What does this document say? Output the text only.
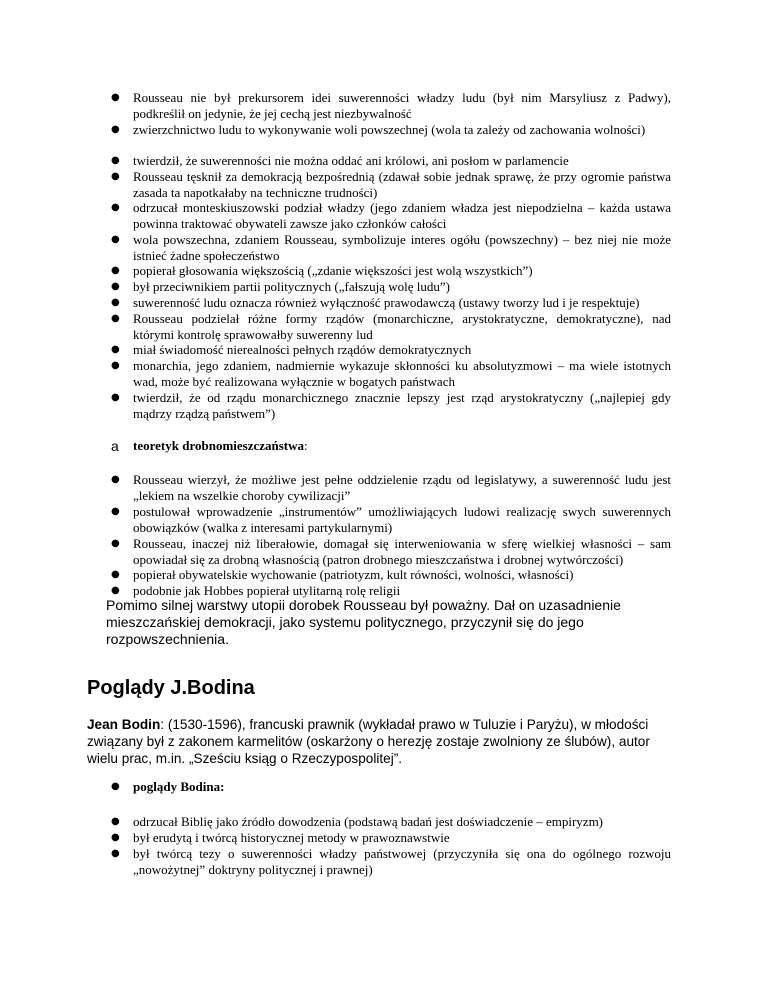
● Rousseau nie był prekursorem idei suwerenności władzy ludu (był nim Marsyliusz z Padwy), podkreślił on jedynie, że jej cechą jest niezbywalność
● zwierzchnictwo ludu to wykonywanie woli powszechnej (wola ta zależy od zachowania wolności)
● twierdził, że suwerenności nie można oddać ani królowi, ani posłom w parlamencie
● Rousseau tęsknił za demokracją bezpośrednią (zdawał sobie jednak sprawę, że przy ogromie państwa zasada ta napotkałaby na techniczne trudności)
● odrzucał monteskiuszowski podział władzy (jego zdaniem władza jest niepodzielna – każda ustawa powinna traktować obywateli zawsze jako członków całości
● wola powszechna, zdaniem Rousseau, symbolizuje interes ogółu (powszechny) – bez niej nie może istnieć żadne społeczeństwo
● popierał głosowania większością („zdanie większości jest wolą wszystkich”)
● był przeciwnikiem partii politycznych („fałszują wolę ludu”)
● suwerenność ludu oznacza również wyłączność prawodawczą (ustawy tworzy lud i je respektuje)
● Rousseau podzielał różne formy rządów (monarchiczne, arystokratyczne, demokratyczne), nad którymi kontrolę sprawowałby suwerenny lud
● miał świadomość nierealności pełnych rządów demokratycznych
● monarchia, jego zdaniem, nadmiernie wykazuje skłonności ku absolutyzmowi – ma wiele istotnych wad, może być realizowana wyłącznie w bogatych państwach
● twierdził, że od rządu monarchicznego znacznie lepszy jest rząd arystokratyczny („najlepiej gdy mądrzy rządzą państwem”)
a teoretyk drobnomieszczaństwa:
● Rousseau wierzył, że możliwe jest pełne oddzielenie rządu od legislatywy, a suwerenność ludu jest „lekiem na wszelkie choroby cywilizacji”
● postulował wprowadzenie „instrumentów” umożliwiających ludowi realizację swych suwerennych obowiązków (walka z interesami partykularnymi)
● Rousseau, inaczej niż liberałowie, domagał się interweniowania w sferę wielkiej własności – sam opowiadał się za drobną własnością (patron drobnego mieszczaństwa i drobnej wytwórczości)
● popierał obywatelskie wychowanie (patriotyzm, kult równości, wolności, własności)
● podobnie jak Hobbes popierał utylitarną rolę religii

Pomimo silnej warstwy utopii dorobek Rousseau był poważny. Dał on uzasadnienie mieszczańskiej demokracji, jako systemu politycznego, przyczynił się do jego rozpowszechnienia.

Poglądy J.Bodina

Jean Bodin: (1530-1596), francuski prawnik (wykładał prawo w Tuluzie i Paryżu), w młodości związany był z zakonem karmelitów (oskarżony o herezję zostaje zwolniony ze ślubów), autor wielu prac, m.in. „Sześciu ksiąg o Rzeczypospolitej”.

● poglądy Bodina:
● odrzucał Biblię jako źródło dowodzenia (podstawą badań jest doświadczenie – empiryzm)
● był erudytą i twórcą historycznej metody w prawoznawstwie
● był twórcą tezy o suwerenności władzy państwowej (przyczyniła się ona do ogólnego rozwoju „nowożytnej” doktryny politycznej i prawnej)
